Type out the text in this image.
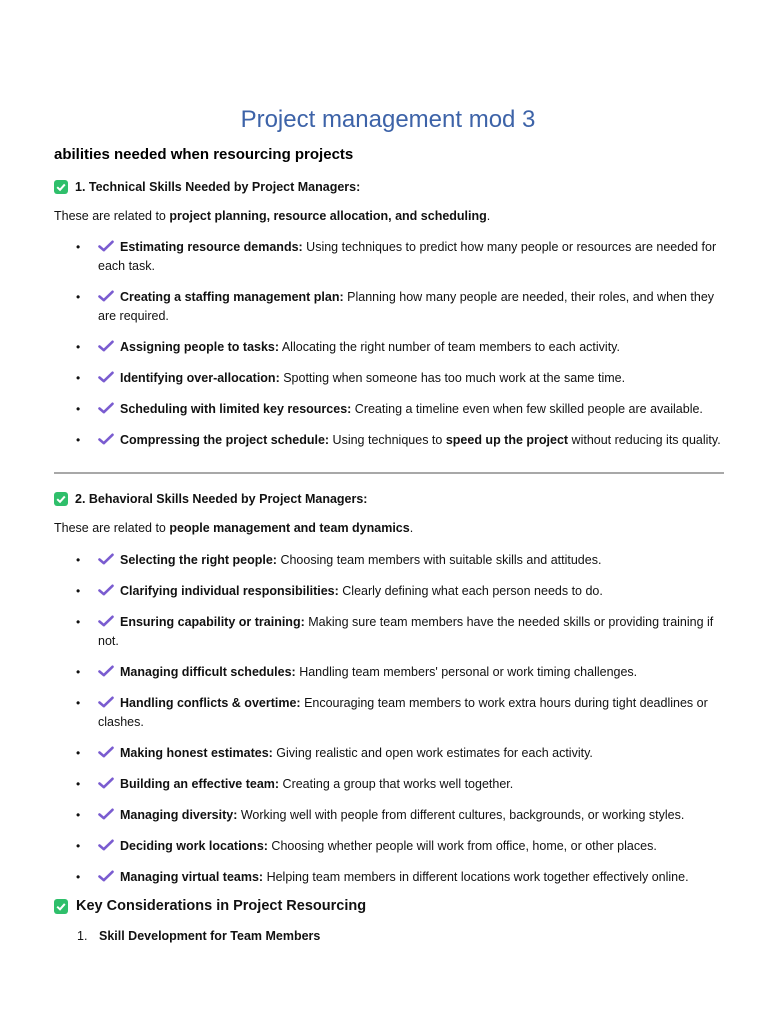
Project management mod 3
abilities needed when resourcing projects
1. Technical Skills Needed by Project Managers:
These are related to project planning, resource allocation, and scheduling.
•	Estimating resource demands: Using techniques to predict how many people or resources are needed for each task.
•	Creating a staffing management plan: Planning how many people are needed, their roles, and when they are required.
•	Assigning people to tasks: Allocating the right number of team members to each activity.
•	Identifying over-allocation: Spotting when someone has too much work at the same time.
•	Scheduling with limited key resources: Creating a timeline even when few skilled people are available.
•	Compressing the project schedule: Using techniques to speed up the project without reducing its quality.
2. Behavioral Skills Needed by Project Managers:
These are related to people management and team dynamics.
•	Selecting the right people: Choosing team members with suitable skills and attitudes.
•	Clarifying individual responsibilities: Clearly defining what each person needs to do.
•	Ensuring capability or training: Making sure team members have the needed skills or providing training if not.
•	Managing difficult schedules: Handling team members' personal or work timing challenges.
•	Handling conflicts & overtime: Encouraging team members to work extra hours during tight deadlines or clashes.
•	Making honest estimates: Giving realistic and open work estimates for each activity.
•	Building an effective team: Creating a group that works well together.
•	Managing diversity: Working well with people from different cultures, backgrounds, or working styles.
•	Deciding work locations: Choosing whether people will work from office, home, or other places.
•	Managing virtual teams: Helping team members in different locations work together effectively online.
Key Considerations in Project Resourcing
1. Skill Development for Team Members
